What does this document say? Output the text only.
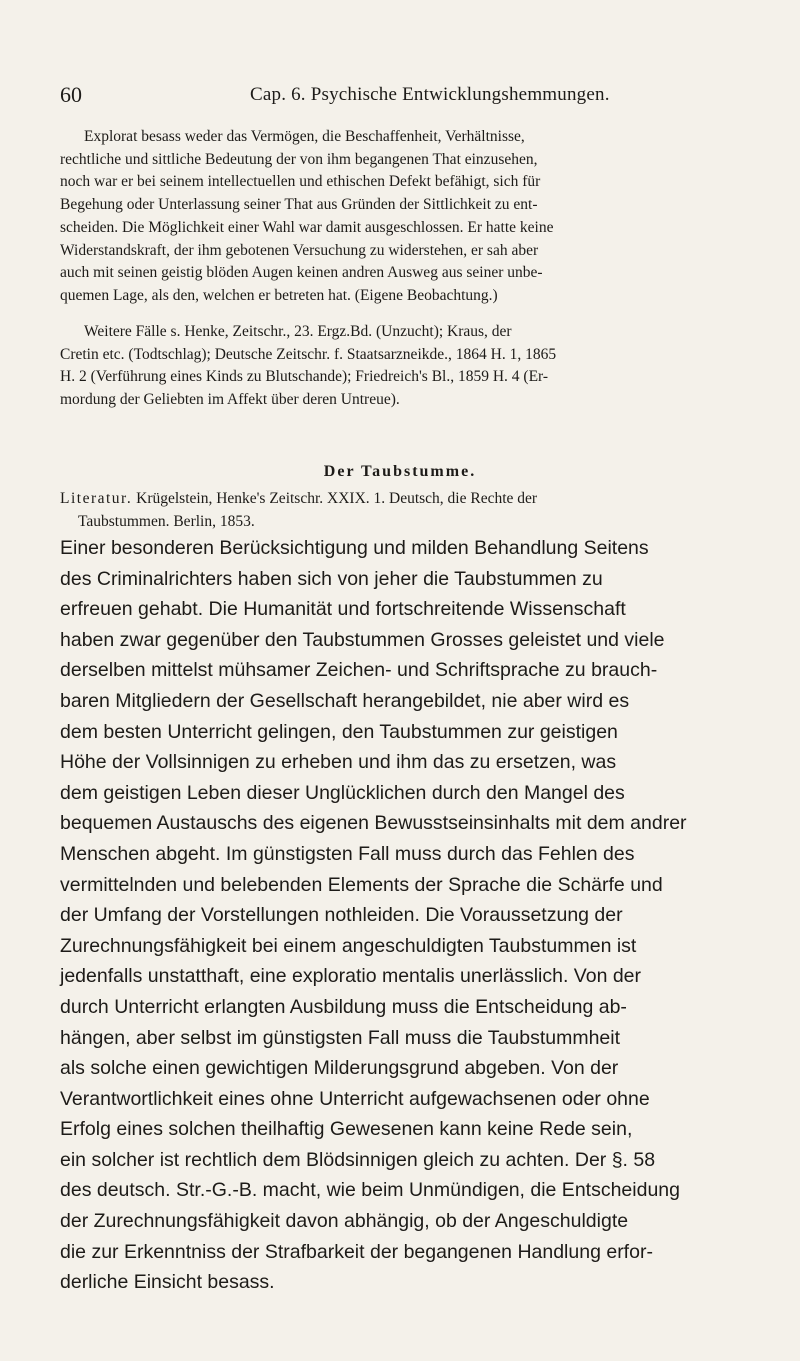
60	Cap. 6. Psychische Entwicklungshemmungen.

Explorat besass weder das Vermögen, die Beschaffenheit, Verhältnisse,

rechtliche und sittliche Bedeutung der von ihm begangenen That einzusehen,

noch war er bei seinem intellectuellen und ethischen Defekt befähigt, sich für

Begehung oder Unterlassung seiner That aus Gründen der Sittlichkeit zu ent-

scheiden. Die Möglichkeit einer Wahl war damit ausgeschlossen. Er hatte keine

Widerstandskraft, der ihm gebotenen Versuchung zu widerstehen, er sah aber

auch mit seinen geistig blöden Augen keinen andren Ausweg aus seiner unbe-

quemen Lage, als den, welchen er betreten hat. (Eigene Beobachtung.)

Weitere Fälle s. Henke, Zeitschr., 23. Ergz.Bd. (Unzucht); Kraus, der

Cretin etc. (Todtschlag); Deutsche Zeitschr. f. Staatsarzneikde., 1864 H. 1, 1865

H. 2 (Verführung eines Kinds zu Blutschande); Friedreich's Bl., 1859 H. 4 (Er-

mordung der Geliebten im Affekt über deren Untreue).

Der Taubstumme.

Literatur. Krügelstein, Henke's Zeitschr. XXIX. 1. Deutsch, die Rechte der

Taubstummen. Berlin, 1853.

Einer besonderen Berücksichtigung und milden Behandlung Seitens

des Criminalrichters haben sich von jeher die Taubstummen zu

erfreuen gehabt. Die Humanität und fortschreitende Wissenschaft

haben zwar gegenüber den Taubstummen Grosses geleistet und viele

derselben mittelst mühsamer Zeichen- und Schriftsprache zu brauch-

baren Mitgliedern der Gesellschaft herangebildet, nie aber wird es

dem besten Unterricht gelingen, den Taubstummen zur geistigen

Höhe der Vollsinnigen zu erheben und ihm das zu ersetzen, was

dem geistigen Leben dieser Unglücklichen durch den Mangel des

bequemen Austauschs des eigenen Bewusstseinsinhalts mit dem andrer

Menschen abgeht. Im günstigsten Fall muss durch das Fehlen des

vermittelnden und belebenden Elements der Sprache die Schärfe und

der Umfang der Vorstellungen nothleiden. Die Voraussetzung der

Zurechnungsfähigkeit bei einem angeschuldigten Taubstummen ist

jedenfalls unstatthaft, eine exploratio mentalis unerlässlich. Von der

durch Unterricht erlangten Ausbildung muss die Entscheidung ab-

hängen, aber selbst im günstigsten Fall muss die Taubstummheit

als solche einen gewichtigen Milderungsgrund abgeben. Von der

Verantwortlichkeit eines ohne Unterricht aufgewachsenen oder ohne

Erfolg eines solchen theilhaftig Gewesenen kann keine Rede sein,

ein solcher ist rechtlich dem Blödsinnigen gleich zu achten. Der §. 58

des deutsch. Str.-G.-B. macht, wie beim Unmündigen, die Entscheidung

der Zurechnungsfähigkeit davon abhängig, ob der Angeschuldigte

die zur Erkenntniss der Strafbarkeit der begangenen Handlung erfor-

derliche Einsicht besass.
